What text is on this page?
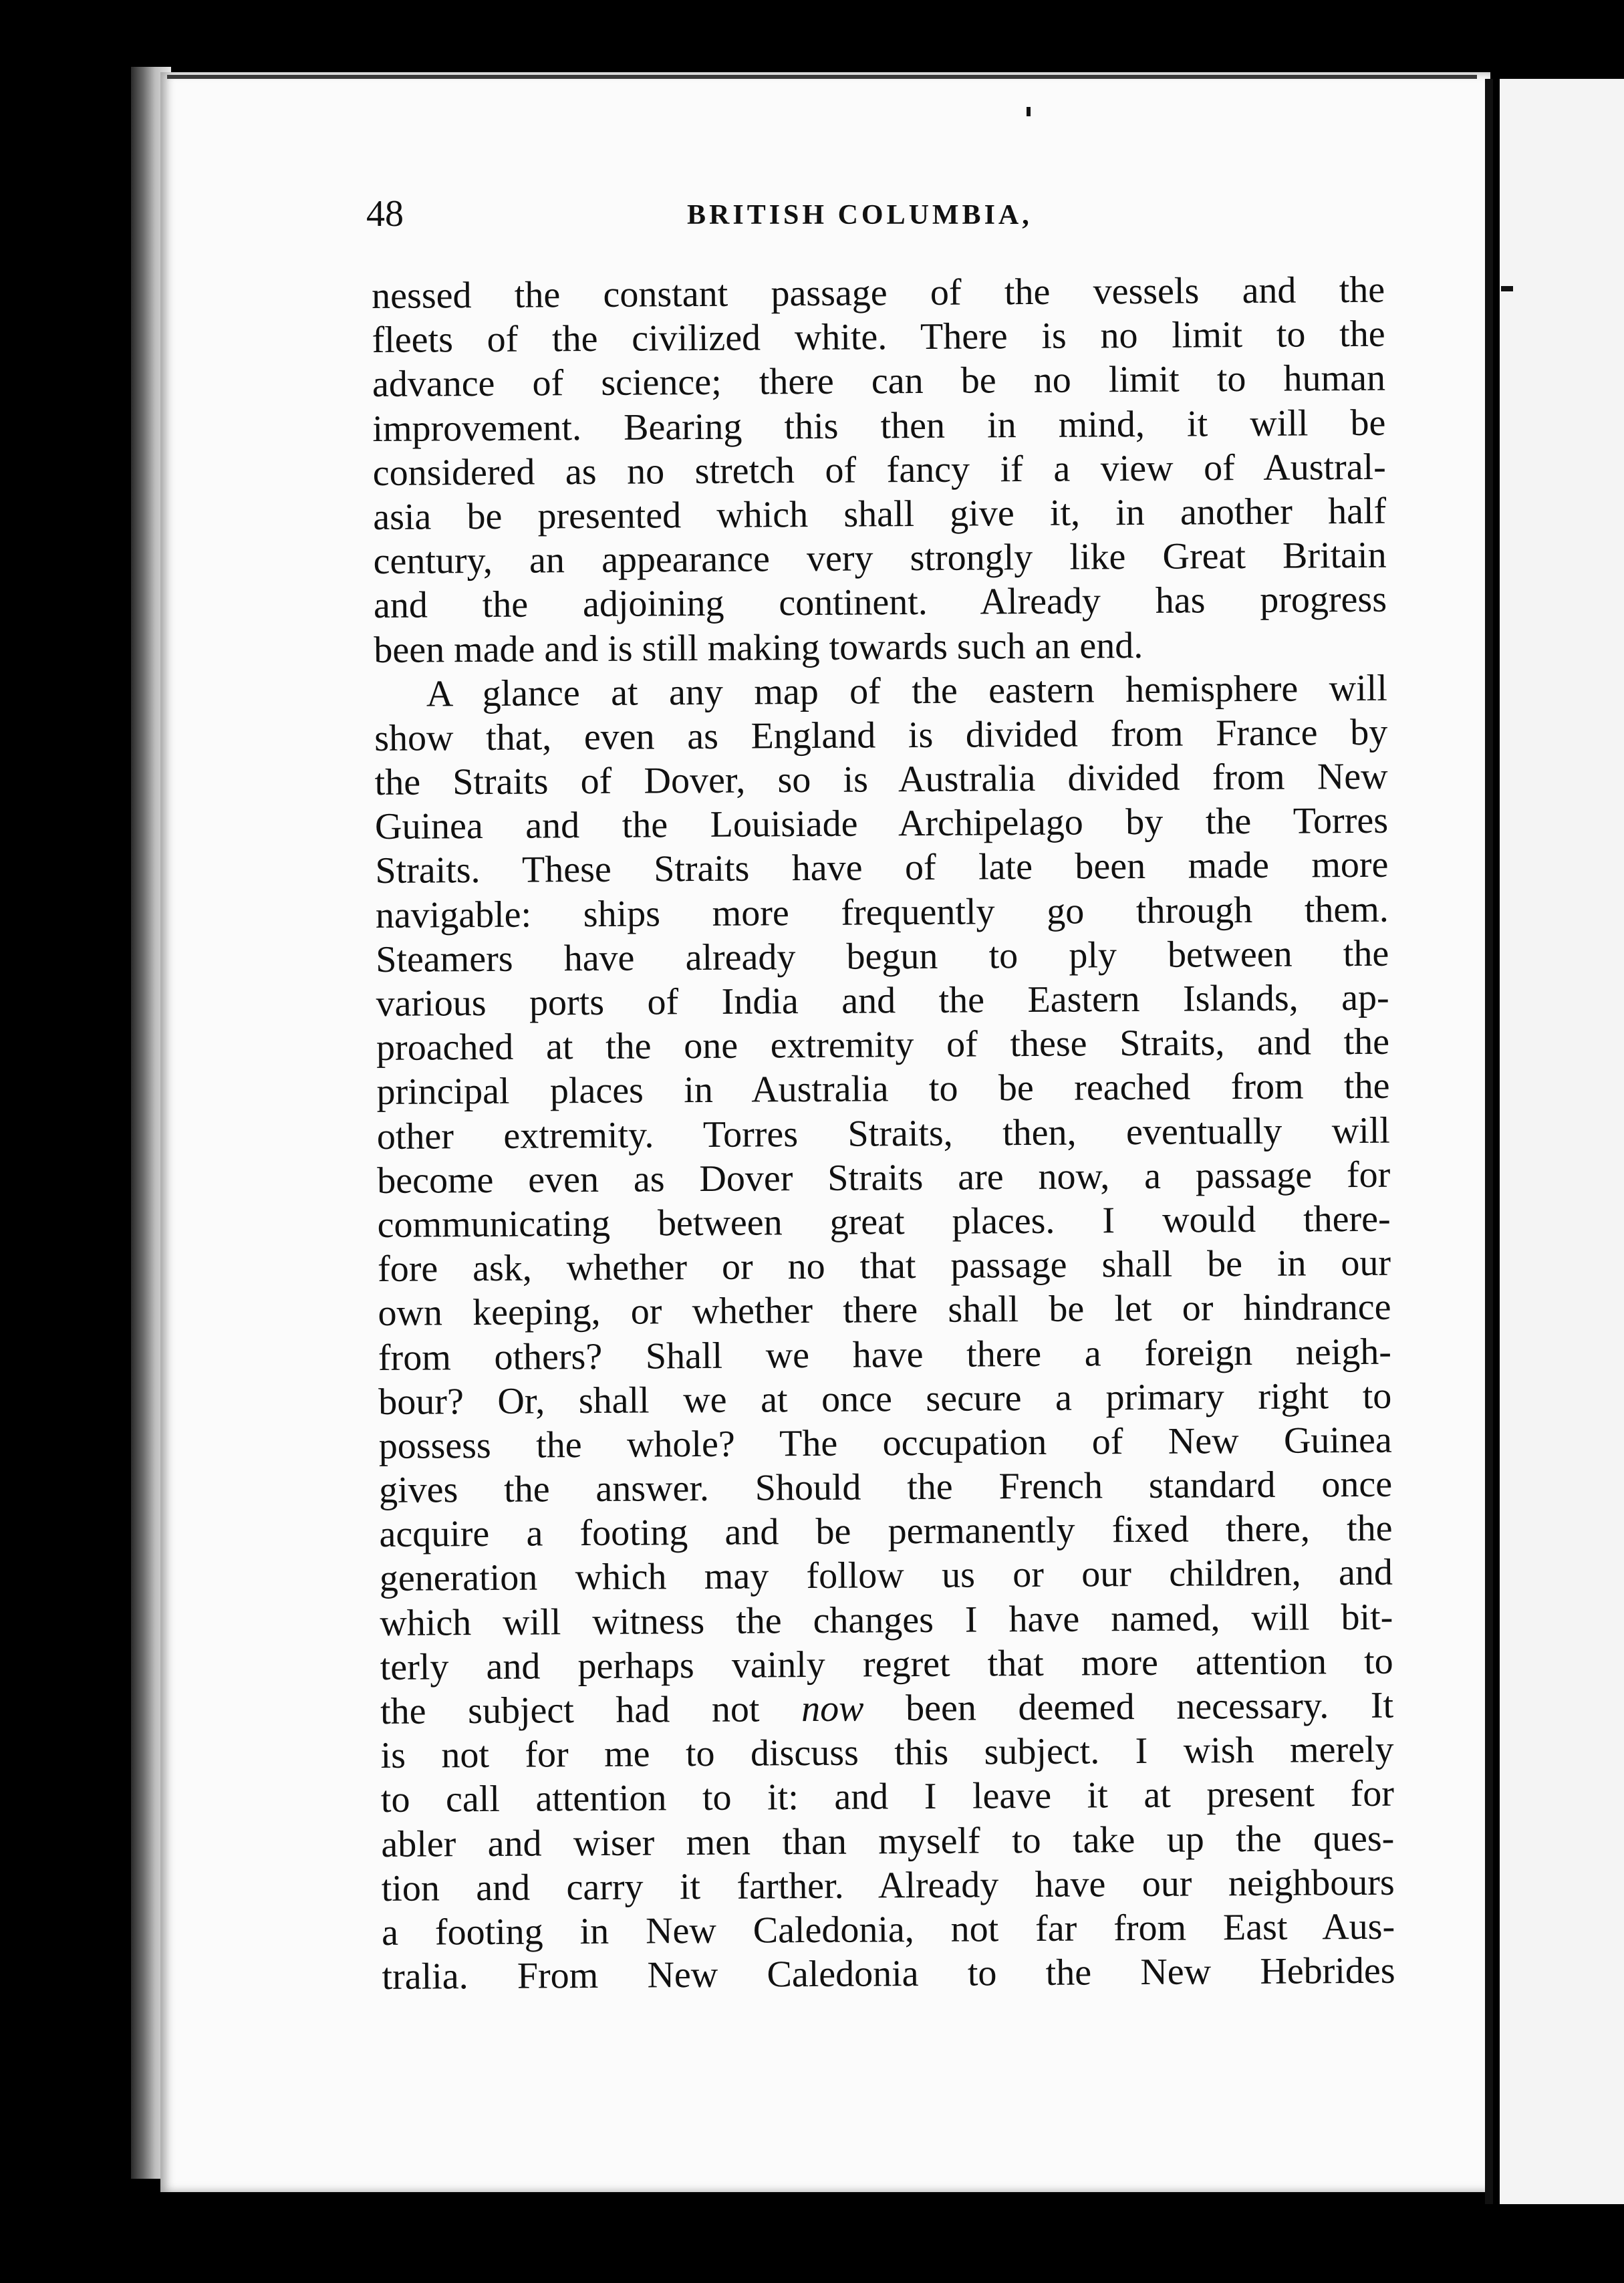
48	BRITISH COLUMBIA,
nessed the constant passage of the vessels and the
fleets of the civilized white. There is no limit to the
advance of science; there can be no limit to human
improvement. Bearing this then in mind, it will be
considered as no stretch of fancy if a view of Austral-
asia be presented which shall give it, in another half
century, an appearance very strongly like Great Britain
and the adjoining continent. Already has progress
been made and is still making towards such an end.
A glance at any map of the eastern hemisphere will
show that, even as England is divided from France by
the Straits of Dover, so is Australia divided from New
Guinea and the Louisiade Archipelago by the Torres
Straits. These Straits have of late been made more
navigable: ships more frequently go through them.
Steamers have already begun to ply between the
various ports of India and the Eastern Islands, ap-
proached at the one extremity of these Straits, and the
principal places in Australia to be reached from the
other extremity. Torres Straits, then, eventually will
become even as Dover Straits are now, a passage for
communicating between great places. I would there-
fore ask, whether or no that passage shall be in our
own keeping, or whether there shall be let or hindrance
from others? Shall we have there a foreign neigh-
bour? Or, shall we at once secure a primary right to
possess the whole? The occupation of New Guinea
gives the answer. Should the French standard once
acquire a footing and be permanently fixed there, the
generation which may follow us or our children, and
which will witness the changes I have named, will bit-
terly and perhaps vainly regret that more attention to
the subject had not now been deemed necessary. It
is not for me to discuss this subject. I wish merely
to call attention to it: and I leave it at present for
abler and wiser men than myself to take up the ques-
tion and carry it farther. Already have our neighbours
a footing in New Caledonia, not far from East Aus-
tralia. From New Caledonia to the New Hebrides
